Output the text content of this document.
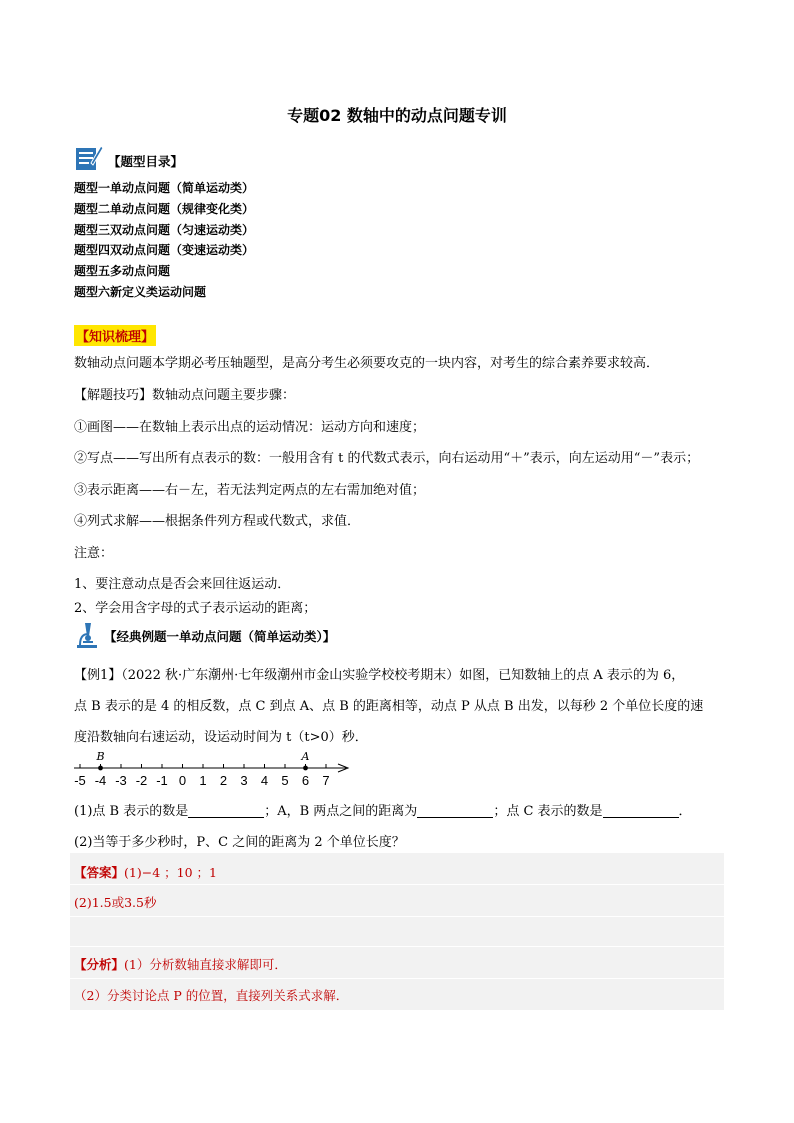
专题02 数轴中的动点问题专训
【题型目录】
题型一单动点问题（简单运动类）
题型二单动点问题（规律变化类）
题型三双动点问题（匀速运动类）
题型四双动点问题（变速运动类）
题型五多动点问题
题型六新定义类运动问题
【知识梳理】
数轴动点问题本学期必考压轴题型，是高分考生必须要攻克的一块内容，对考生的综合素养要求较高．
【解题技巧】数轴动点问题主要步骤：
①画图——在数轴上表示出点的运动情况：运动方向和速度；
②写点——写出所有点表示的数：一般用含有 t 的代数式表示，向右运动用“＋”表示，向左运动用“－”表示；
③表示距离——右－左，若无法判定两点的左右需加绝对值；
④列式求解——根据条件列方程或代数式，求值．
注意：
1、要注意动点是否会来回往返运动．
2、学会用含字母的式子表示运动的距离；
【经典例题一单动点问题（简单运动类）】
【例1】（2022 秋·广东潮州·七年级潮州市金山实验学校校考期末）如图，已知数轴上的点 A 表示的为 6，
点 B 表示的是 4 的相反数，点 C 到点 A、点 B 的距离相等，动点 P 从点 B 出发，以每秒 2 个单位长度的速
度沿数轴向右速运动，设运动时间为 t（t>0）秒．
-5 -4 -3 -2 -1 0 1 2 3 4 5 6 7
B	A
(1)点 B 表示的数是	；A，B 两点之间的距离为	；点 C 表示的数是	．
(2)当等于多少秒时，P、C 之间的距离为 2 个单位长度？
【答案】(1)−4 ；10 ；1
(2)1.5或3.5秒
【分析】(1）分析数轴直接求解即可．
（2）分类讨论点 P 的位置，直接列关系式求解．
